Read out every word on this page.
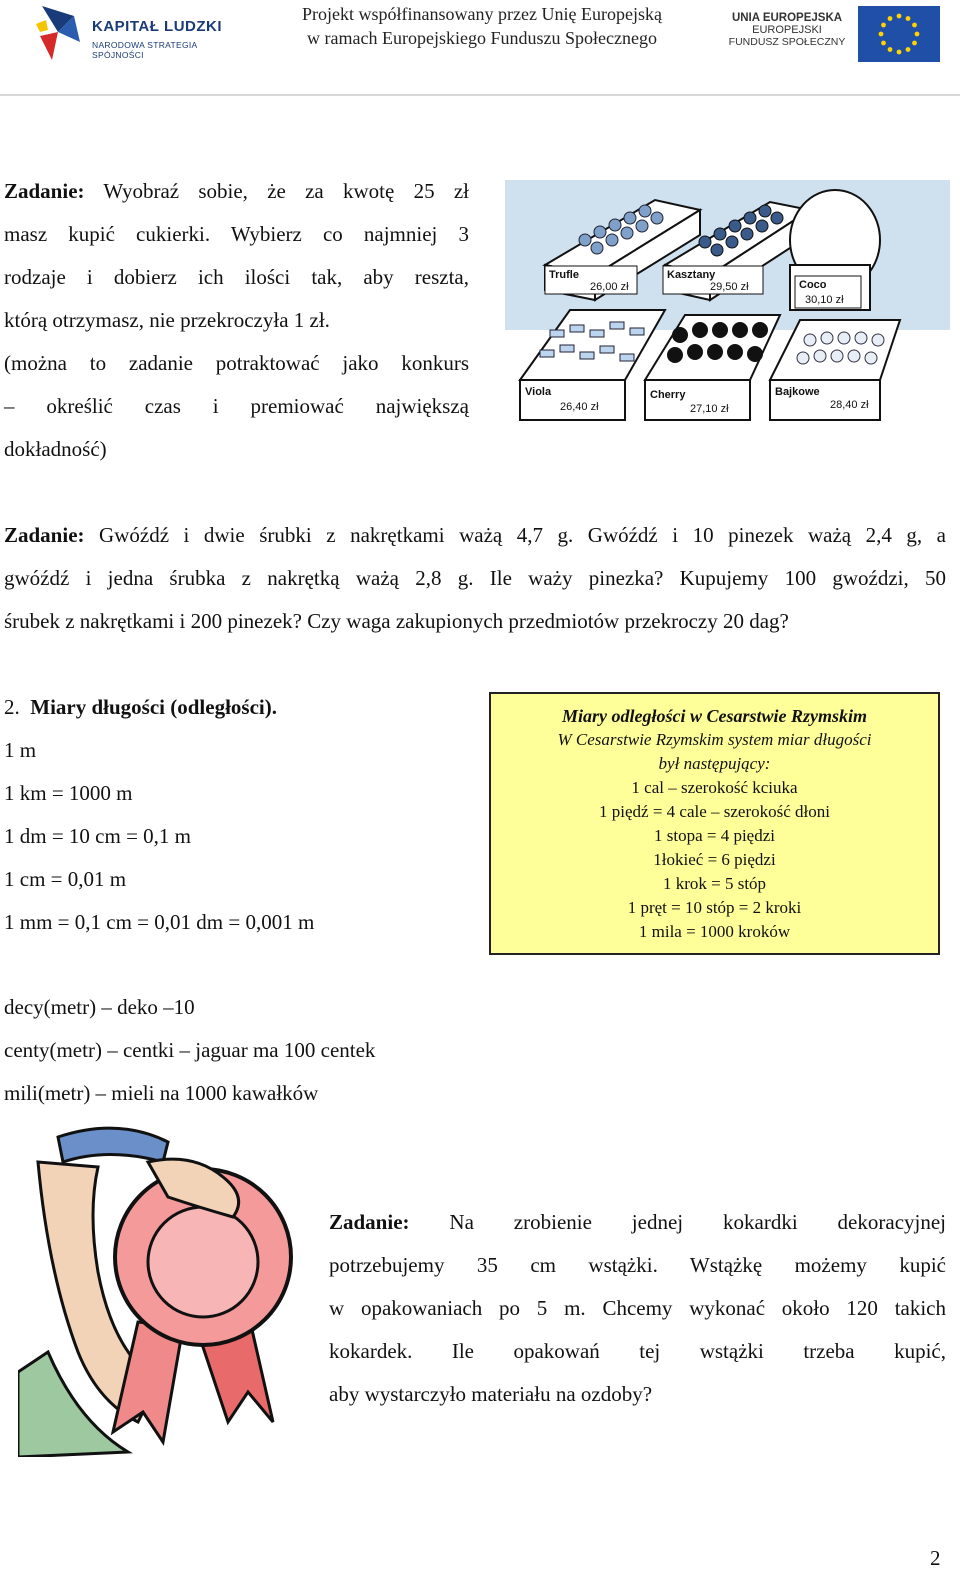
KAPITAŁ LUDZKI
NARODOWA STRATEGIA SPÓJNOŚCI
Projekt współfinansowany przez Unię Europejską
w ramach Europejskiego Funduszu Społecznego
UNIA EUROPEJSKA
EUROPEJSKI
FUNDUSZ SPOŁECZNY
Zadanie: Wyobraź sobie, że za kwotę 25 zł
masz kupić cukierki. Wybierz co najmniej 3
rodzaje i dobierz ich ilości tak, aby reszta,
którą otrzymasz, nie przekroczyła 1 zł.
(można to zadanie potraktować jako konkurs
– określić czas i premiować największą
dokładność)
Trufle
26,00 zł
Kasztany
29,50 zł	Coco
30,10 zł
Viola
26,40 zł
Cherry
27,10 zł
Bajkowe
28,40 zł
Zadanie: Gwóźdź i dwie śrubki z nakrętkami ważą 4,7 g. Gwóźdź i 10 pinezek ważą 2,4 g, a
gwóźdź i jedna śrubka z nakrętką ważą 2,8 g. Ile waży pinezka? Kupujemy 100 gwoździ, 50
śrubek z nakrętkami i 200 pinezek? Czy waga zakupionych przedmiotów przekroczy 20 dag?
2. Miary długości (odległości).
1 m
1 km = 1000 m
1 dm = 10 cm = 0,1 m
1 cm = 0,01 m
1 mm = 0,1 cm = 0,01 dm = 0,001 m
Miary odległości w Cesarstwie Rzymskim
W Cesarstwie Rzymskim system miar długości
był następujący:
1 cal – szerokość kciuka
1 piędź = 4 cale – szerokość dłoni
1 stopa = 4 piędzi
1łokieć = 6 piędzi
1 krok = 5 stóp
1 pręt = 10 stóp = 2 kroki
1 mila = 1000 kroków
decy(metr) – deko –10
centy(metr) – centki – jaguar ma 100 centek
mili(metr) – mieli na 1000 kawałków
Zadanie: Na zrobienie jednej kokardki dekoracyjnej
potrzebujemy 35 cm wstążki. Wstążkę możemy kupić
w opakowaniach po 5 m. Chcemy wykonać około 120 takich
kokardek. Ile opakowań tej wstążki trzeba kupić,
aby wystarczyło materiału na ozdoby?
2
